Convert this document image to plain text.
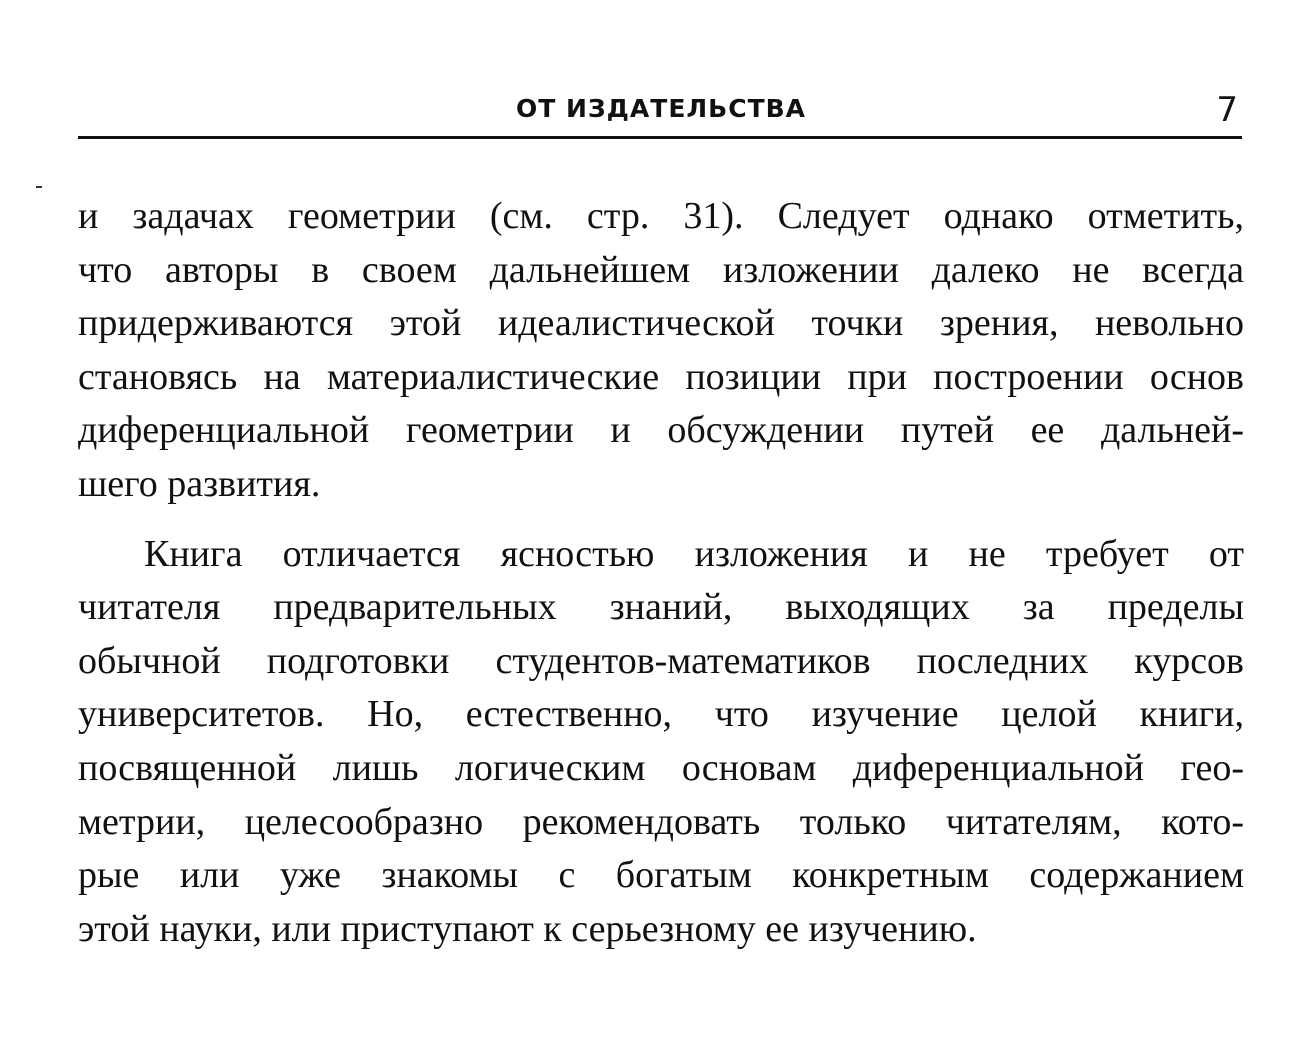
ОТ ИЗДАТЕЛЬСТВА	7
и задачах геометрии (см. стр. 31). Следует однако отметить,
что авторы в своем дальнейшем изложении далеко не всегда
придерживаются этой идеалистической точки зрения, невольно
становясь на материалистические позиции при построении основ
диференциальной геометрии и обсуждении путей ее дальней-
шего развития.
Книга отличается ясностью изложения и не требует от
читателя предварительных знаний, выходящих за пределы
обычной подготовки студентов-математиков последних курсов
университетов. Но, естественно, что изучение целой книги,
посвященной лишь логическим основам диференциальной гео-
метрии, целесообразно рекомендовать только читателям, кото-
рые или уже знакомы с богатым конкретным содержанием
этой науки, или приступают к серьезному ее изучению.
